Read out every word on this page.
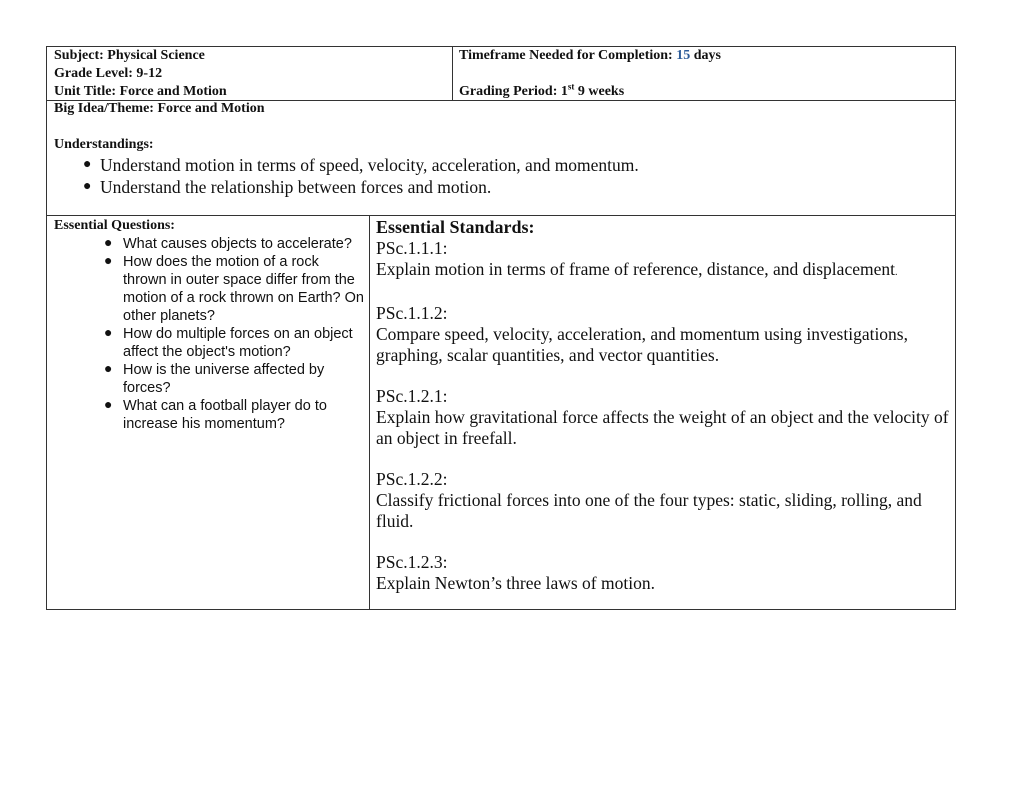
Subject: Physical Science
Grade Level: 9-12
Unit Title: Force and Motion
Timeframe Needed for Completion: 15 days

Grading Period: 1st 9 weeks
Big Idea/Theme: Force and Motion
Understandings:
● Understand motion in terms of speed, velocity, acceleration, and momentum.
● Understand the relationship between forces and motion.
Essential Questions:
● What causes objects to accelerate?
● How does the motion of a rock thrown in outer space differ from the motion of a rock thrown on Earth? On other planets?
● How do multiple forces on an object affect the object's motion?
● How is the universe affected by forces?
● What can a football player do to increase his momentum?
Essential Standards:
PSc.1.1.1:
Explain motion in terms of frame of reference, distance, and displacement.
PSc.1.1.2:
Compare speed, velocity, acceleration, and momentum using investigations, graphing, scalar quantities, and vector quantities.
PSc.1.2.1:
Explain how gravitational force affects the weight of an object and the velocity of an object in freefall.
PSc.1.2.2:
Classify frictional forces into one of the four types: static, sliding, rolling, and fluid.
PSc.1.2.3:
Explain Newton’s three laws of motion.
